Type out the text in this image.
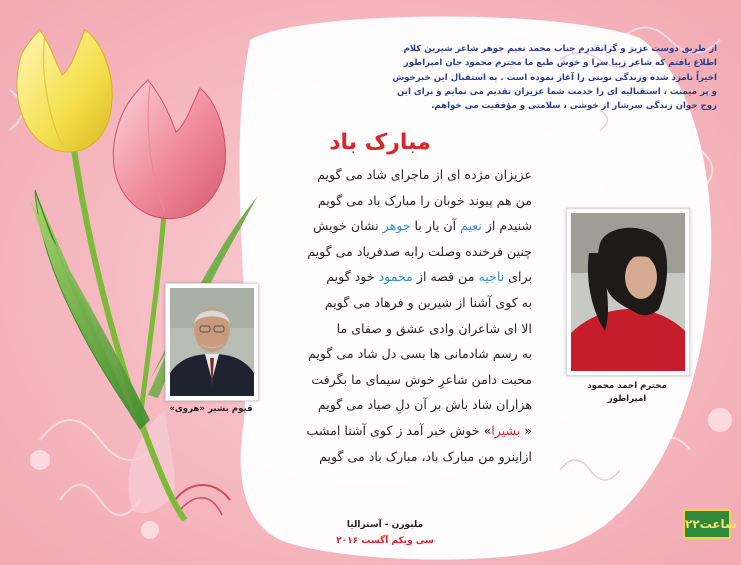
از طریق دوست عزیز و گرانقدرم جناب محمد نعیم جوهر شاعر شیرین کلام
اطلاع یافتم که شاعر زیبا سرا و خوش طبع ما محترم محمود جان امپراطور
اخیراً نامزد شده وزندگی نوینی را آغاز نموده است . به استقبال این خبرخوش
و پر میمنت ، استقبالیه ای را خدمت شما عزیزان تقدیم می نمایم و برای این
زوج جوان زندگی سرشار از خوشی ، سلامتی و مؤفقیت می خواهم.
مبارک باد
عزیزان مژده ای از ماجرای شاد می گویم
من هم پیوند خوبان را مبارک باد می گویم
شنیدم از نعیم آن یار با جوهر نشان خویش
چنین فرخنده وصلت رابه صدفریاد می گویم
برای ناجیه من قصه از محمود خود گویم
به کوی آشنا از شیرین و فرهاد می گویم
الا ای شاعران وادی عشق و صفای ما
به رسم شادمانی ها بسی دل شاد می گویم
محبت دامن شاعرِ خوش سیمای ما بگرفت
هزاران شاد باش بر آن دلِ صیاد می گویم
« بشیرا» خوش خبر آمد ز کوی آشنا امشب
ازاینرو من مبارک باد، مبارک باد می گویم
قیوم بشیر «هروی»
محترم احمد محمود
امپراطور
ملبورن - آسترالیا
سی ویکم آگست ۲۰۱۶
۲۲ساعت
